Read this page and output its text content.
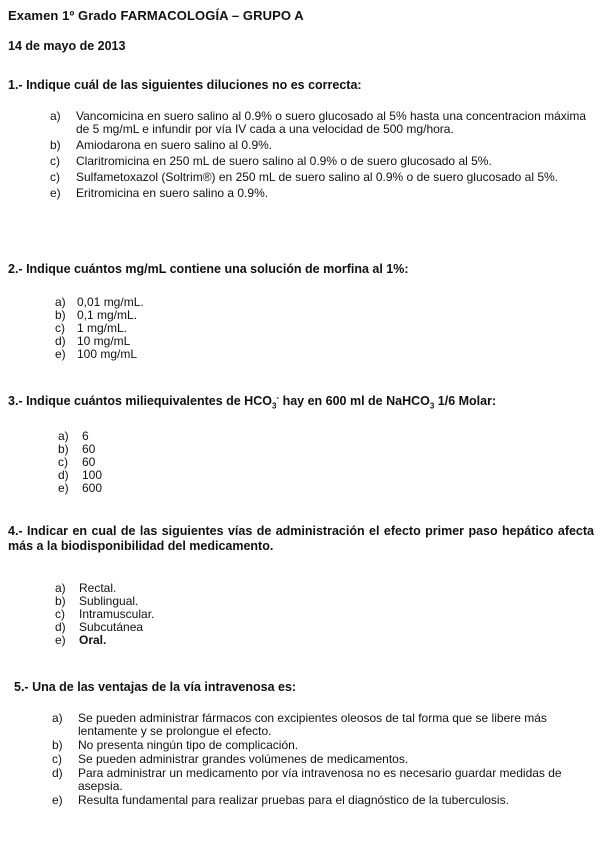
Examen 1º Grado FARMACOLOGÍA – GRUPO A
14 de mayo de 2013
1.- Indique cuál de las siguientes diluciones no es correcta:
a)	Vancomicina en suero salino al 0.9% o suero glucosado al 5% hasta una concentracion máxima de 5 mg/mL e infundir por vía IV cada a una velocidad de 500 mg/hora.
b)	Amiodarona en suero salino al 0.9%.
c)	Claritromicina en 250 mL de suero salino al 0.9% o de suero glucosado al 5%.
c)	Sulfametoxazol (Soltrim®) en 250 mL de suero salino al 0.9% o de suero glucosado al 5%.
e)	Eritromicina en suero salino a 0.9%.
2.- Indique cuántos mg/mL contiene una solución de morfina al 1%:
a) 0,01 mg/mL.
b) 0,1 mg/mL.
c)	1 mg/mL.
d) 10 mg/mL
e) 100 mg/mL
3.- Indique cuántos miliequivalentes de $HCO_3^-$ hay en 600 ml de NaHCO$_3$ 1/6 Molar:
a)	6
b)	60
c)	60
d)	100
e)	600
4.- Indicar en cual de las siguientes vías de administración el efecto primer paso hepático afecta más a la biodisponibilidad del medicamento.
a)	Rectal.
b)	Sublingual.
c)	Intramuscular.
d)	Subcutánea
e)	Oral.
5.- Una de las ventajas de la vía intravenosa es:
a)	Se pueden administrar fármacos con excipientes oleosos de tal forma que se libere más lentamente y se prolongue el efecto.
b)	No presenta ningún tipo de complicación.
c)	Se pueden administrar grandes volúmenes de medicamentos.
d)	Para administrar un medicamento por vía intravenosa no es necesario guardar medidas de asepsia.
e)	Resulta fundamental para realizar pruebas para el diagnóstico de la tuberculosis.
